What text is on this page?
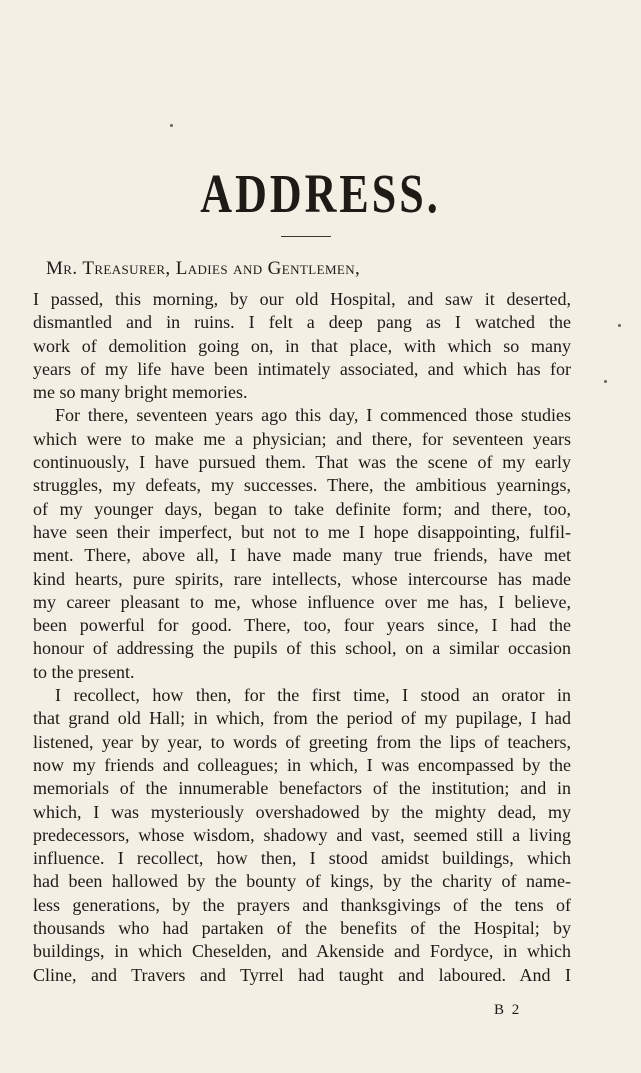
ADDRESS.
Mr. Treasurer, Ladies and Gentlemen,

I passed, this morning, by our old Hospital, and saw it deserted,
dismantled and in ruins. I felt a deep pang as I watched the
work of demolition going on, in that place, with which so many
years of my life have been intimately associated, and which has for
me so many bright memories.

For there, seventeen years ago this day, I commenced those studies
which were to make me a physician; and there, for seventeen years
continuously, I have pursued them. That was the scene of my early
struggles, my defeats, my successes. There, the ambitious yearnings,
of my younger days, began to take definite form; and there, too,
have seen their imperfect, but not to me I hope disappointing, fulfil-
ment. There, above all, I have made many true friends, have met
kind hearts, pure spirits, rare intellects, whose intercourse has made
my career pleasant to me, whose influence over me has, I believe,
been powerful for good. There, too, four years since, I had the
honour of addressing the pupils of this school, on a similar occasion
to the present.

I recollect, how then, for the first time, I stood an orator in
that grand old Hall; in which, from the period of my pupilage, I had
listened, year by year, to words of greeting from the lips of teachers,
now my friends and colleagues; in which, I was encompassed by the
memorials of the innumerable benefactors of the institution; and in
which, I was mysteriously overshadowed by the mighty dead, my
predecessors, whose wisdom, shadowy and vast, seemed still a living
influence. I recollect, how then, I stood amidst buildings, which
had been hallowed by the bounty of kings, by the charity of name-
less generations, by the prayers and thanksgivings of the tens of
thousands who had partaken of the benefits of the Hospital; by
buildings, in which Cheselden, and Akenside and Fordyce, in which
Cline, and Travers and Tyrrel had taught and laboured. And I

B 2
